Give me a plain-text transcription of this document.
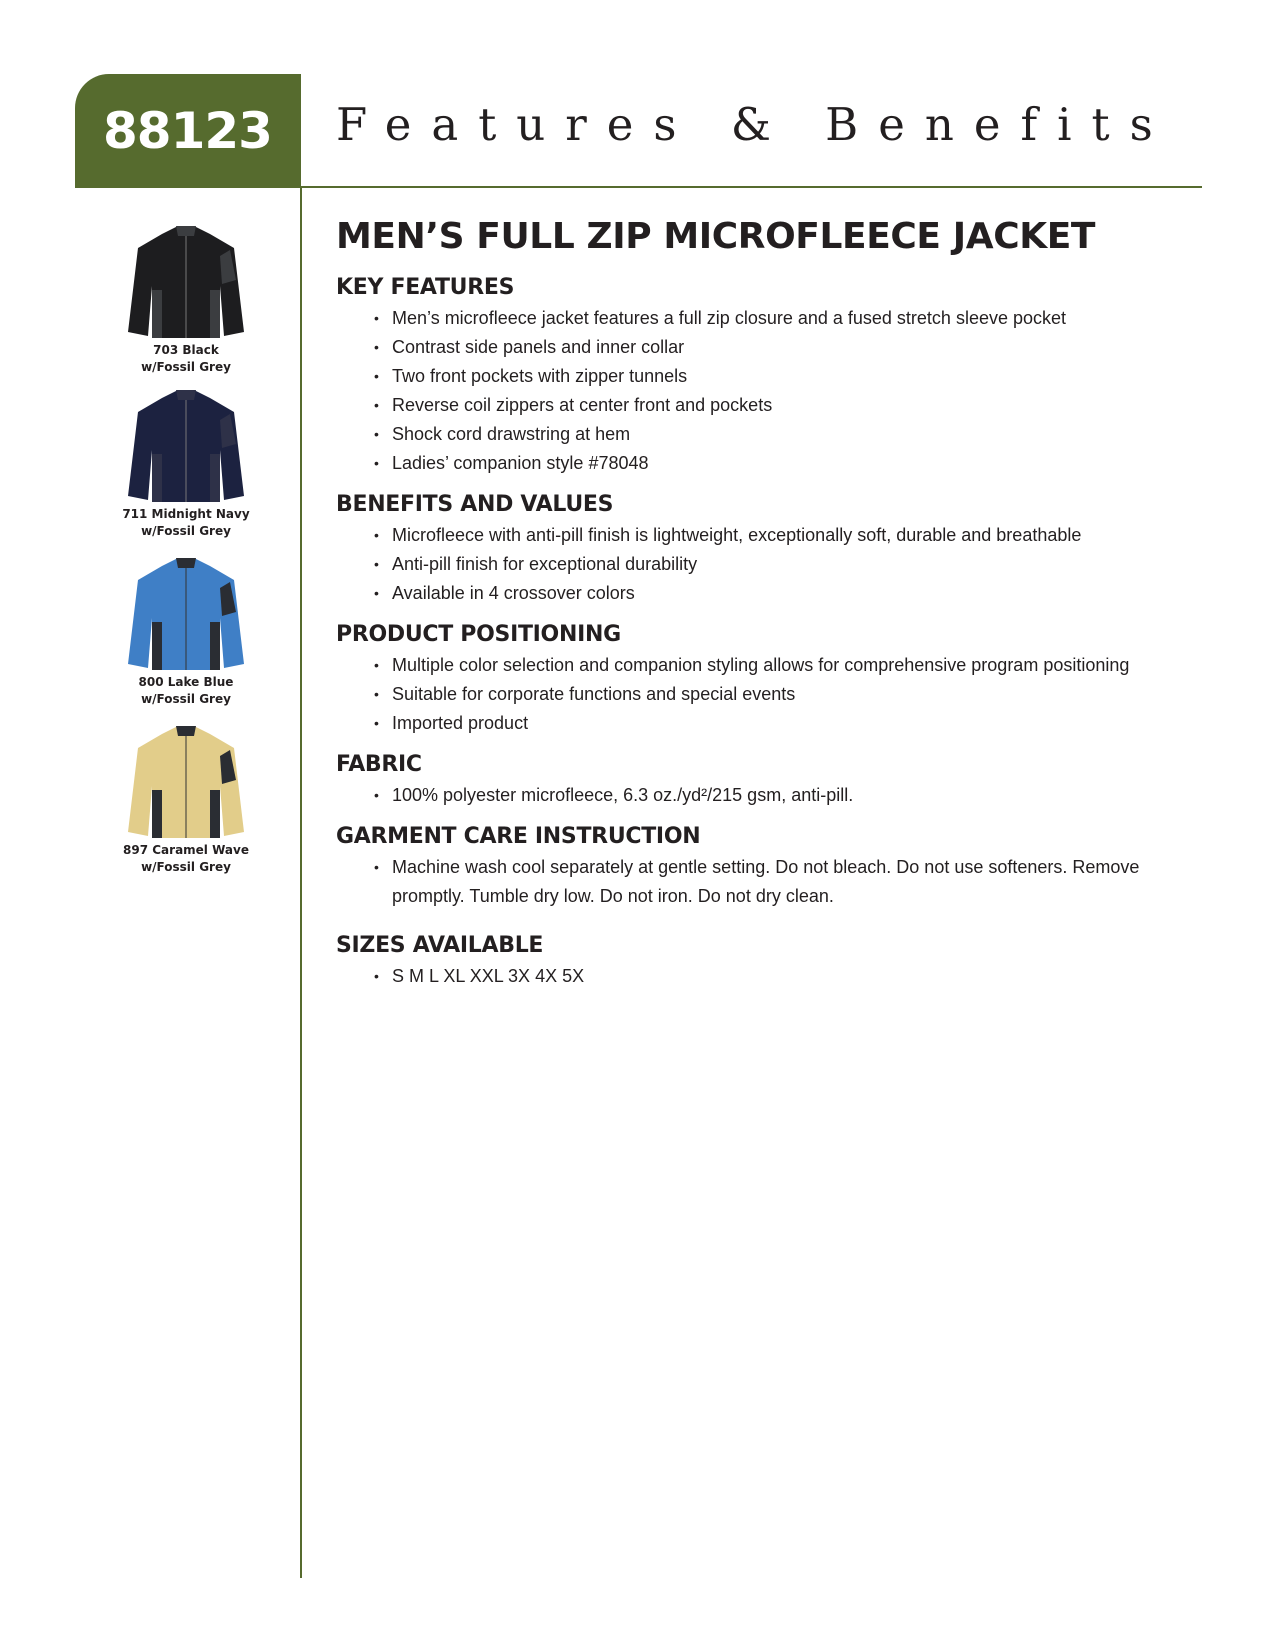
88123 Features & Benefits
703 Black
w/Fossil Grey
711 Midnight Navy
w/Fossil Grey
800 Lake Blue
w/Fossil Grey
897 Caramel Wave
w/Fossil Grey
MEN’S FULL ZIP MICROFLEECE JACKET
KEY FEATURES
• Men’s microfleece jacket features a full zip closure and a fused stretch sleeve pocket
• Contrast side panels and inner collar
• Two front pockets with zipper tunnels
• Reverse coil zippers at center front and pockets
• Shock cord drawstring at hem
• Ladies’ companion style #78048
BENEFITS AND VALUES
• Microfleece with anti-pill finish is lightweight, exceptionally soft, durable and breathable
• Anti-pill finish for exceptional durability
• Available in 4 crossover colors
PRODUCT POSITIONING
• Multiple color selection and companion styling allows for comprehensive program positioning
• Suitable for corporate functions and special events
• Imported product
FABRIC
• 100% polyester microfleece, 6.3 oz./yd²/215 gsm, anti-pill.
GARMENT CARE INSTRUCTION
• Machine wash cool separately at gentle setting. Do not bleach. Do not use softeners. Remove promptly. Tumble dry low. Do not iron. Do not dry clean.
SIZES AVAILABLE
• S M L XL XXL 3X 4X 5X
